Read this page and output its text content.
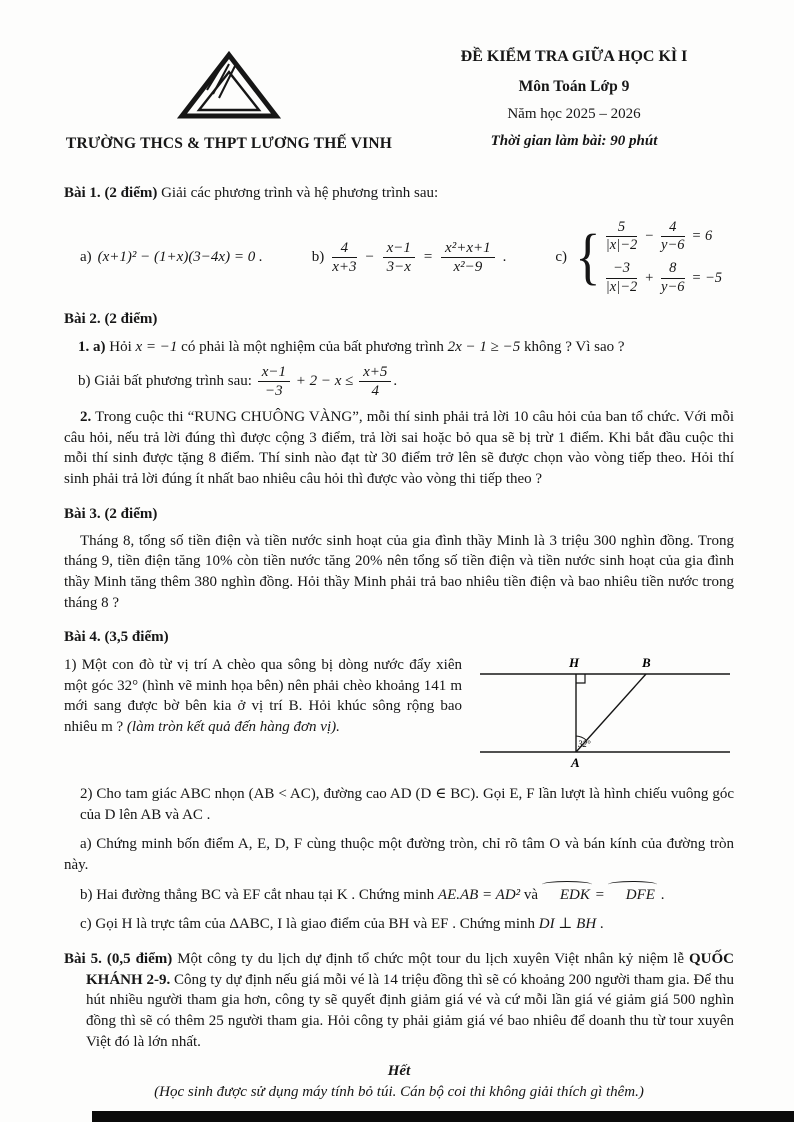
TRƯỜNG THCS & THPT LƯƠNG THẾ VINH
ĐỀ KIỂM TRA GIỮA HỌC KÌ I
Môn Toán Lớp 9
Năm học 2025 – 2026
Thời gian làm bài: 90 phút

Bài 1. (2 điểm) Giải các phương trình và hệ phương trình sau:

a) (x+1)² − (1+x)(3−4x) = 0 .	$b) \frac{4}{x+3} - \frac{x-1}{3-x} = \frac{\text{x²+x+1}}{\text{x²−9}}$ .	c) { $\frac{5}{|x|-2} - \frac{4}{y-6} = 6$
$\frac{-3}{|x|-2} + \frac{8}{y-6} = -5$

Bài 2. (2 điểm)

1. a) Hỏi x = −1 có phải là một nghiệm của bất phương trình 2x − 1 ≥ −5 không ? Vì sao ?

b) Giải bất phương trình sau: $\frac{x-1}{-3} + 2 - x \le \frac{x+5}{4}$ .

2. Trong cuộc thi “RUNG CHUÔNG VÀNG”, mỗi thí sinh phải trả lời 10 câu hỏi của ban tổ chức. Với mỗi câu hỏi, nếu trả lời đúng thì được cộng 3 điểm, trả lời sai hoặc bỏ qua sẽ bị trừ 1 điểm. Khi bắt đầu cuộc thi mỗi thí sinh được tặng 8 điểm. Thí sinh nào đạt từ 30 điểm trở lên sẽ được chọn vào vòng tiếp theo. Hỏi thí sinh phải trả lời đúng ít nhất bao nhiêu câu hỏi thì được vào vòng thi tiếp theo ?

Bài 3. (2 điểm)

Tháng 8, tổng số tiền điện và tiền nước sinh hoạt của gia đình thầy Minh là 3 triệu 300 nghìn đồng. Trong tháng 9, tiền điện tăng 10% còn tiền nước tăng 20% nên tổng số tiền điện và tiền nước sinh hoạt của gia đình thầy Minh tăng thêm 380 nghìn đồng. Hỏi thầy Minh phải trả bao nhiêu tiền điện và bao nhiêu tiền nước trong tháng 8 ?

Bài 4. (3,5 điểm)

1) Một con đò từ vị trí A chèo qua sông bị dòng nước đẩy xiên một góc 32° (hình vẽ minh họa bên) nên phải chèo khoảng 141 m mới sang được bờ bên kia ở vị trí B. Hỏi khúc sông rộng bao nhiêu m ? (làm tròn kết quả đến hàng đơn vị).

32°
H	B
A

2) Cho tam giác ABC nhọn (AB < AC), đường cao AD (D ∈ BC). Gọi E, F lần lượt là hình chiếu vuông góc của D lên AB và AC .

a) Chứng minh bốn điểm A, E, D, F cùng thuộc một đường tròn, chỉ rõ tâm O và bán kính của đường tròn này.

b) Hai đường thẳng BC và EF cắt nhau tại K . Chứng minh AE.AB = AD² và EDK = DFE .

c) Gọi H là trực tâm của ΔABC, I là giao điểm của BH và EF . Chứng minh DI ⊥ BH .

Bài 5. (0,5 điểm) Một công ty du lịch dự định tổ chức một tour du lịch xuyên Việt nhân kỷ niệm lễ QUỐC KHÁNH 2-9. Công ty dự định nếu giá mỗi vé là 14 triệu đồng thì sẽ có khoảng 200 người tham gia. Để thu hút nhiều người tham gia hơn, công ty sẽ quyết định giảm giá vé và cứ mỗi lần giá vé giảm giá 500 nghìn đồng thì sẽ có thêm 25 người tham gia. Hỏi công ty phải giảm giá vé bao nhiêu để doanh thu từ tour xuyên Việt đó là lớn nhất.

Hết
(Học sinh được sử dụng máy tính bỏ túi. Cán bộ coi thi không giải thích gì thêm.)
